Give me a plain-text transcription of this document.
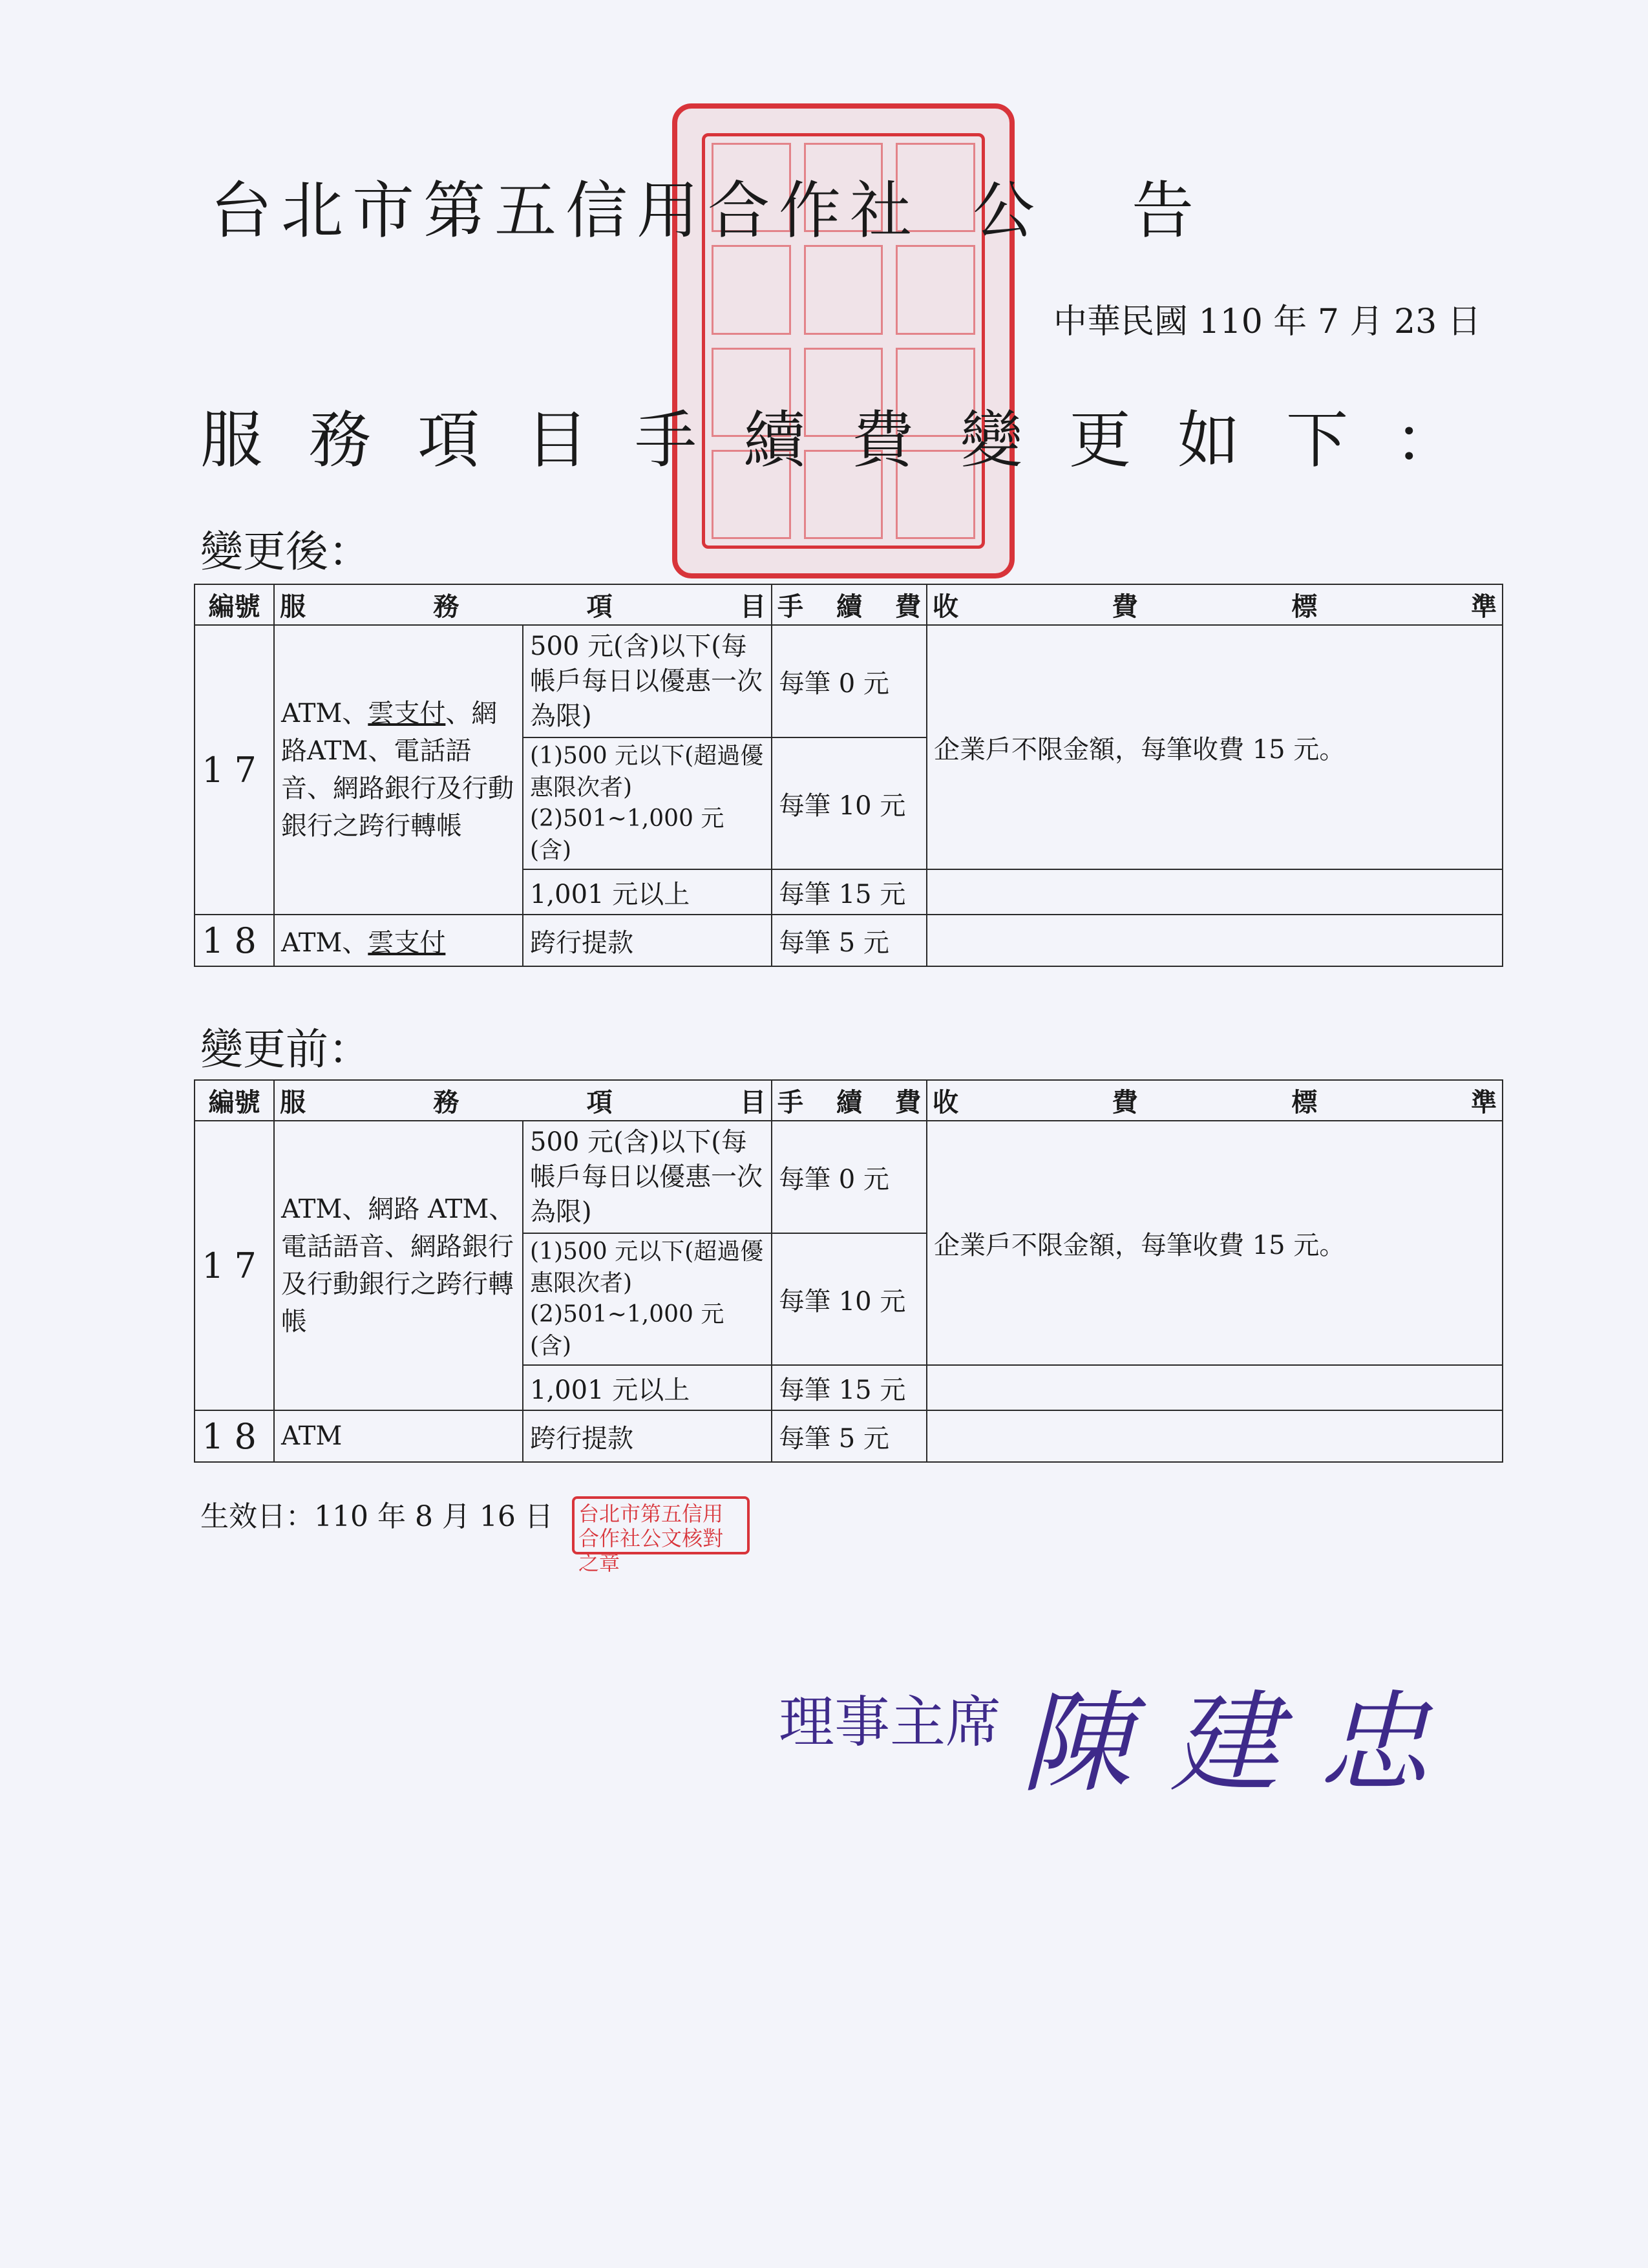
台北市第五信用合作社 公告
中華民國 110 年 7 月 23 日
服務項目手續費變更如下：
變更後：
編號	服 務 項 目		手 續 費	收 費 標 準

17	ATM、雲支付、網路ATM、電話語音、網路銀行及行動銀行之跨行轉帳	500 元(含)以下(每帳戶每日以優惠一次為限)	每筆 0 元	企業戶不限金額，每筆收費 15 元。

		(1)500 元以下(超過優惠限次者)
(2)501~1,000 元(含)	每筆 10 元	
		1,001 元以上	每筆 15 元	
18	ATM、雲支付	跨行提款	每筆 5 元	
變更前：
編號	服 務 項 目		手 續 費	收 費 標 準

17	ATM、網路 ATM、電話語音、網路銀行及行動銀行之跨行轉帳	500 元(含)以下(每帳戶每日以優惠一次為限)	每筆 0 元	企業戶不限金額，每筆收費 15 元。

		(1)500 元以下(超過優惠限次者)
(2)501~1,000 元(含)	每筆 10 元	
		1,001 元以上	每筆 15 元	
18	ATM	跨行提款	每筆 5 元	
生效日：110 年 8 月 16 日	台北市第五信用合作社公文核對之章
理事主席 陳建忠
